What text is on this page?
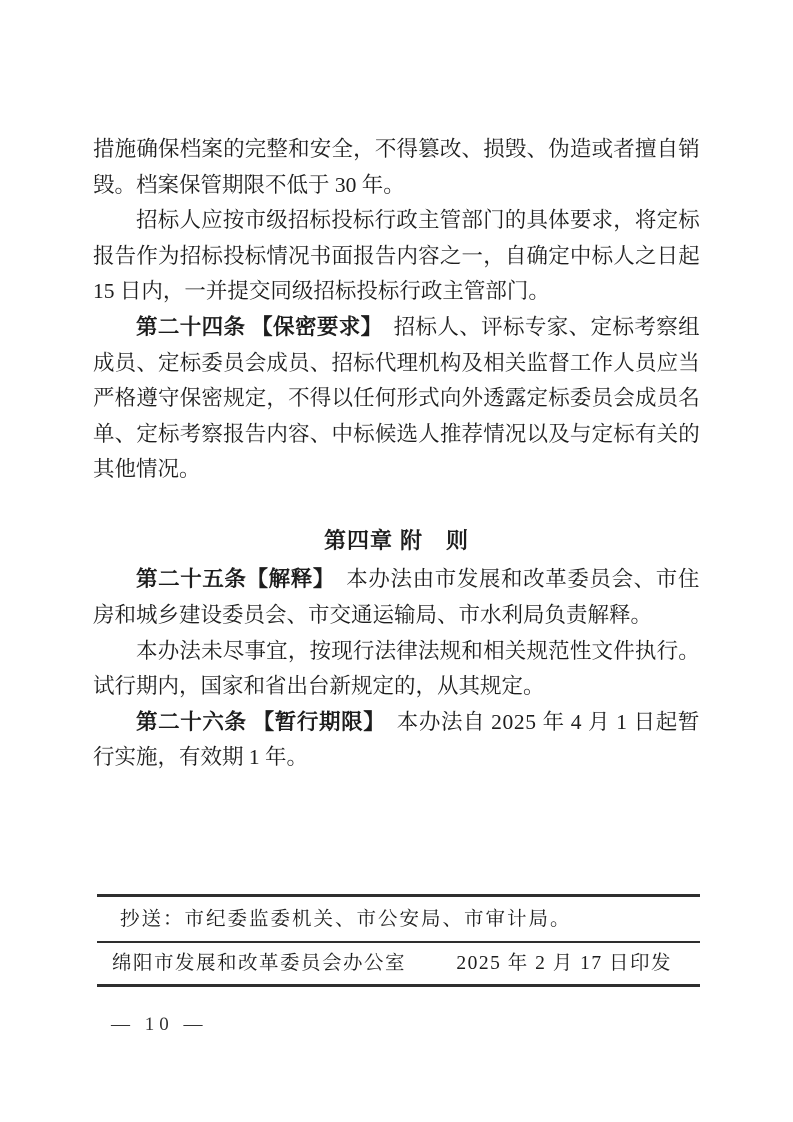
措施确保档案的完整和安全，不得篡改、损毁、伪造或者擅自销
毁。档案保管期限不低于 30 年。
招标人应按市级招标投标行政主管部门的具体要求，将定标
报告作为招标投标情况书面报告内容之一，自确定中标人之日起
15 日内，一并提交同级招标投标行政主管部门。
第二十四条 【保密要求】　招标人、评标专家、定标考察组
成员、定标委员会成员、招标代理机构及相关监督工作人员应当
严格遵守保密规定，不得以任何形式向外透露定标委员会成员名
单、定标考察报告内容、中标候选人推荐情况以及与定标有关的
其他情况。
第四章 附　则
第二十五条【解释】　本办法由市发展和改革委员会、市住
房和城乡建设委员会、市交通运输局、市水利局负责解释。
本办法未尽事宜，按现行法律法规和相关规范性文件执行。
试行期内，国家和省出台新规定的，从其规定。
第二十六条 【暂行期限】　本办法自 2025 年 4 月 1 日起暂
行实施，有效期 1 年。
抄送：市纪委监委机关、市公安局、市审计局。
绵阳市发展和改革委员会办公室	2025 年 2 月 17 日印发
— 10 —
